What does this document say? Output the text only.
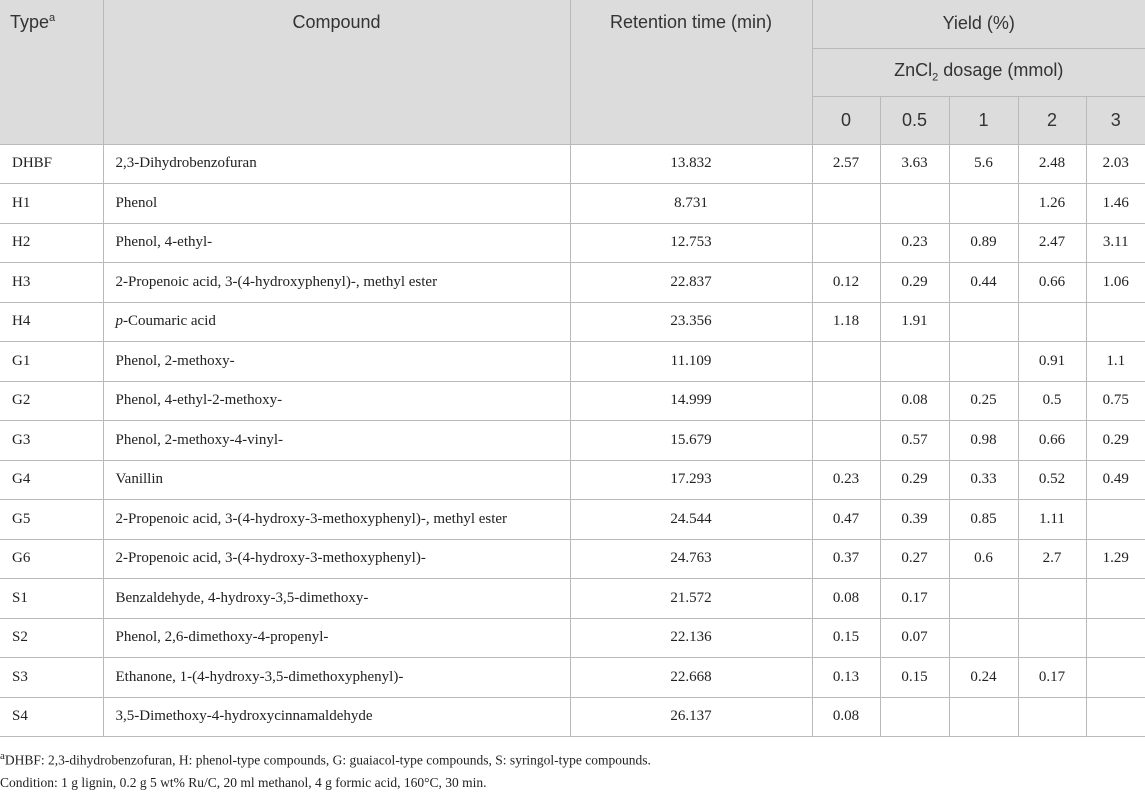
Type$^a$	Compound	Retention time (min)	Yield (%)				
			ZnCl$_2$ dosage (mmol)				
			0	0.5	1	2	3
DHBF	2,3-Dihydrobenzofuran	13.832	2.57	3.63	5.6	2.48	2.03
H1	Phenol	8.731				1.26	1.46
H2	Phenol, 4-ethyl-	12.753		0.23	0.89	2.47	3.11
H3	2-Propenoic acid, 3-(4-hydroxyphenyl)-, methyl ester	22.837	0.12	0.29	0.44	0.66	1.06
H4	p-Coumaric acid	23.356	1.18	1.91			
G1	Phenol, 2-methoxy-	11.109				0.91	1.1
G2	Phenol, 4-ethyl-2-methoxy-	14.999		0.08	0.25	0.5	0.75
G3	Phenol, 2-methoxy-4-vinyl-	15.679		0.57	0.98	0.66	0.29
G4	Vanillin	17.293	0.23	0.29	0.33	0.52	0.49
G5	2-Propenoic acid, 3-(4-hydroxy-3-methoxyphenyl)-, methyl ester	24.544	0.47	0.39	0.85	1.11	
G6	2-Propenoic acid, 3-(4-hydroxy-3-methoxyphenyl)-	24.763	0.37	0.27	0.6	2.7	1.29
S1	Benzaldehyde, 4-hydroxy-3,5-dimethoxy-	21.572	0.08	0.17			
S2	Phenol, 2,6-dimethoxy-4-propenyl-	22.136	0.15	0.07			
S3	Ethanone, 1-(4-hydroxy-3,5-dimethoxyphenyl)-	22.668	0.13	0.15	0.24	0.17	
S4	3,5-Dimethoxy-4-hydroxycinnamaldehyde	26.137	0.08				
$^a$DHBF: 2,3-dihydrobenzofuran, H: phenol-type compounds, G: guaiacol-type compounds, S: syringol-type compounds.
Condition: 1 g lignin, 0.2 g 5 wt% Ru/C, 20 ml methanol, 4 g formic acid, 160°C, 30 min.
